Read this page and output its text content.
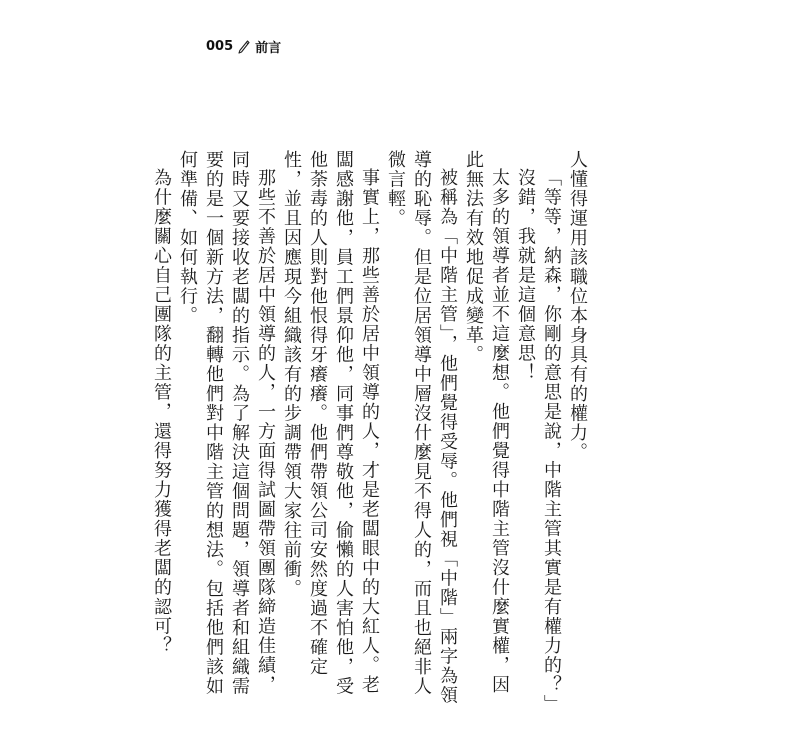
005 前言

人懂得運用該職位本身具有的權力。

「等等，納森，你剛的意思是說，中階主管其實是有權力的？」

沒錯，我就是這個意思！

太多的領導者並不這麼想。他們覺得中階主管沒什麼實權，因此無法有效地促成變革。

被稱為「中階主管」，他們覺得受辱。他們視「中階」兩字為領導的恥辱。但是位居領導中層沒什麼見不得人的，而且也絕非人微言輕。

事實上，那些善於居中領導的人，才是老闆眼中的大紅人。老闆感謝他，員工們景仰他，同事們尊敬他，偷懶的人害怕他，受他荼毒的人則對他恨得牙癢癢。他們帶領公司安然度過不確定性，並且因應現今組織該有的步調帶領大家往前衝。

那些不善於居中領導的人，一方面得試圖帶領團隊締造佳績，同時又要接收老闆的指示。為了解決這個問題，領導者和組織需要的是一個新方法，翻轉他們對中階主管的想法。包括他們該如何準備、如何執行。

為什麼關心自己團隊的主管，還得努力獲得老闆的認可？
